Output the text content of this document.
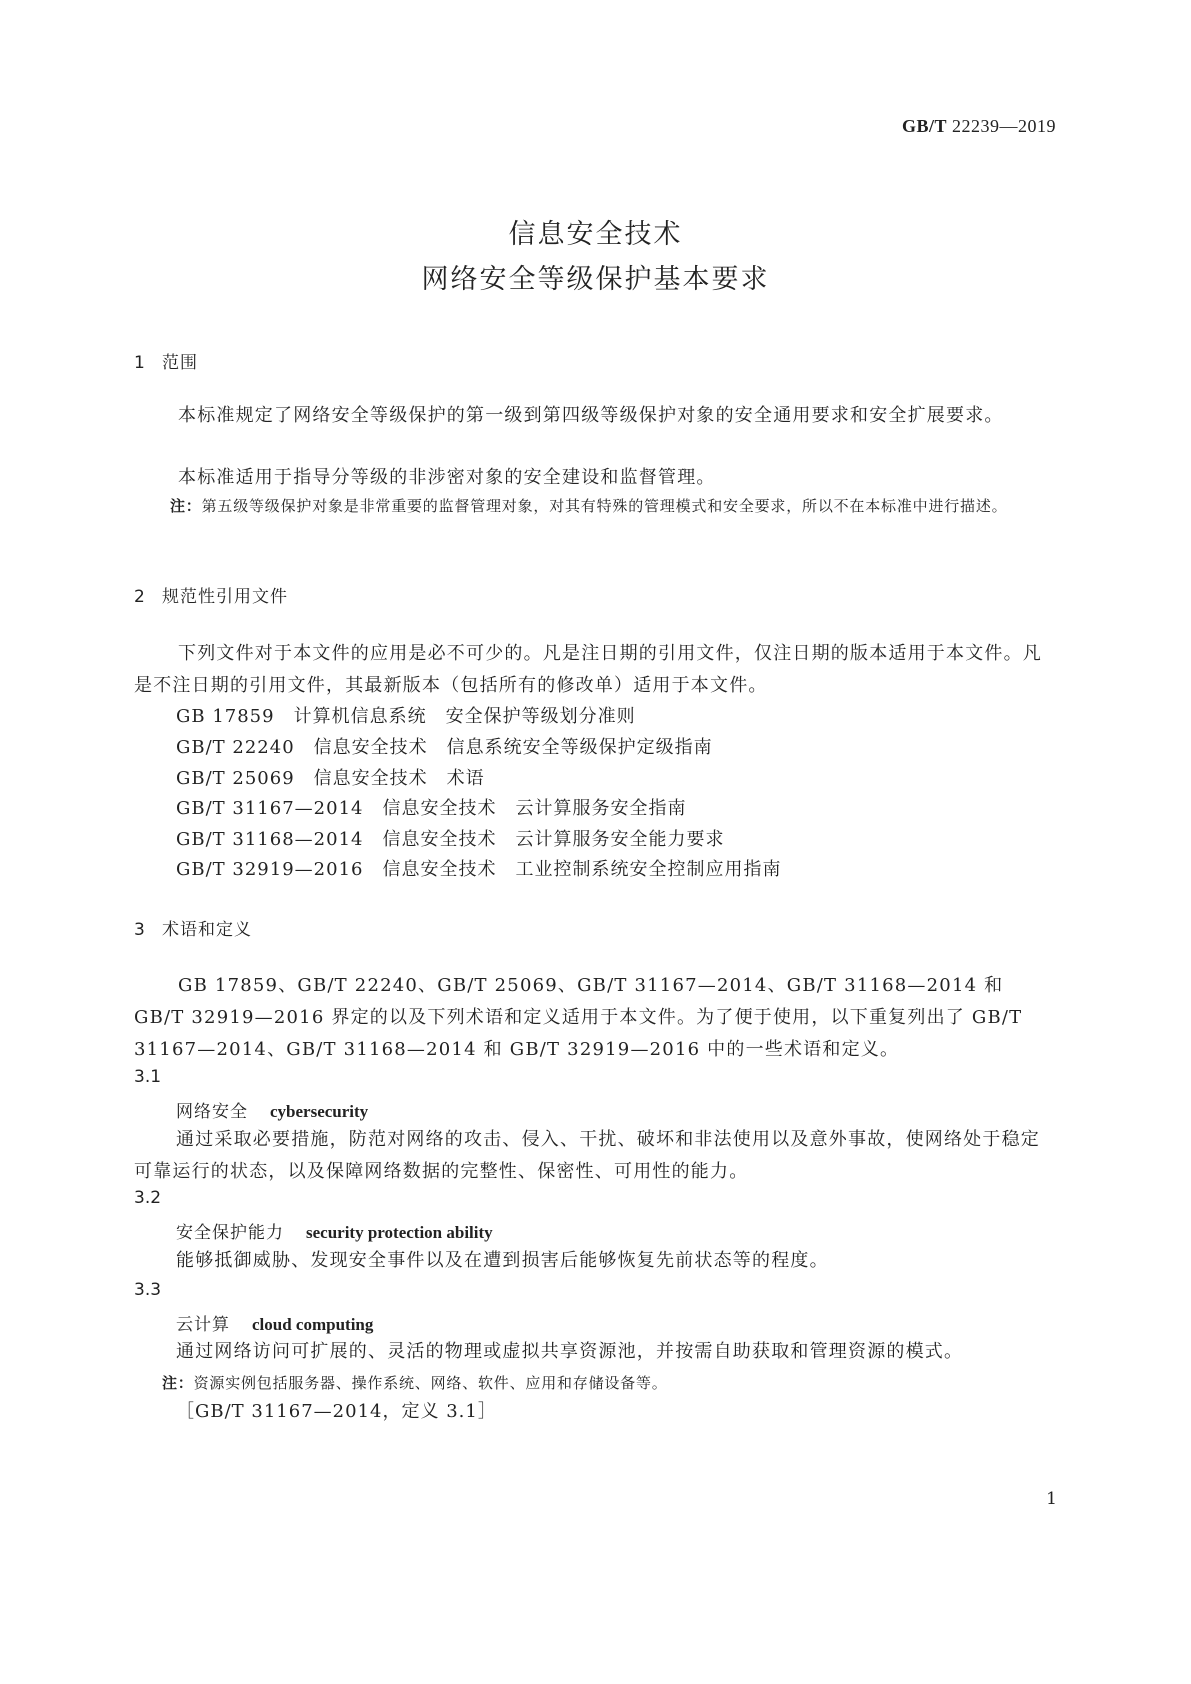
GB/T 22239—2019
信息安全技术
网络安全等级保护基本要求
1 范围
本标准规定了网络安全等级保护的第一级到第四级等级保护对象的安全通用要求和安全扩展要求。
本标准适用于指导分等级的非涉密对象的安全建设和监督管理。
注：第五级等级保护对象是非常重要的监督管理对象，对其有特殊的管理模式和安全要求，所以不在本标准中进行描述。
2 规范性引用文件
下列文件对于本文件的应用是必不可少的。凡是注日期的引用文件，仅注日期的版本适用于本文件。凡是不注日期的引用文件，其最新版本（包括所有的修改单）适用于本文件。
GB 17859　计算机信息系统　安全保护等级划分准则
GB/T 22240　信息安全技术　信息系统安全等级保护定级指南
GB/T 25069　信息安全技术　术语
GB/T 31167—2014　信息安全技术　云计算服务安全指南
GB/T 31168—2014　信息安全技术　云计算服务安全能力要求
GB/T 32919—2016　信息安全技术　工业控制系统安全控制应用指南
3 术语和定义
GB 17859、GB/T 22240、GB/T 25069、GB/T 31167—2014、GB/T 31168—2014 和 GB/T 32919—2016 界定的以及下列术语和定义适用于本文件。为了便于使用，以下重复列出了 GB/T 31167—2014、GB/T 31168—2014 和 GB/T 32919—2016 中的一些术语和定义。
3.1
网络安全 cybersecurity
通过采取必要措施，防范对网络的攻击、侵入、干扰、破坏和非法使用以及意外事故，使网络处于稳定可靠运行的状态，以及保障网络数据的完整性、保密性、可用性的能力。
3.2
安全保护能力 security protection ability
能够抵御威胁、发现安全事件以及在遭到损害后能够恢复先前状态等的程度。
3.3
云计算 cloud computing
通过网络访问可扩展的、灵活的物理或虚拟共享资源池，并按需自助获取和管理资源的模式。
注：资源实例包括服务器、操作系统、网络、软件、应用和存储设备等。
［GB/T 31167—2014，定义 3.1］
1
